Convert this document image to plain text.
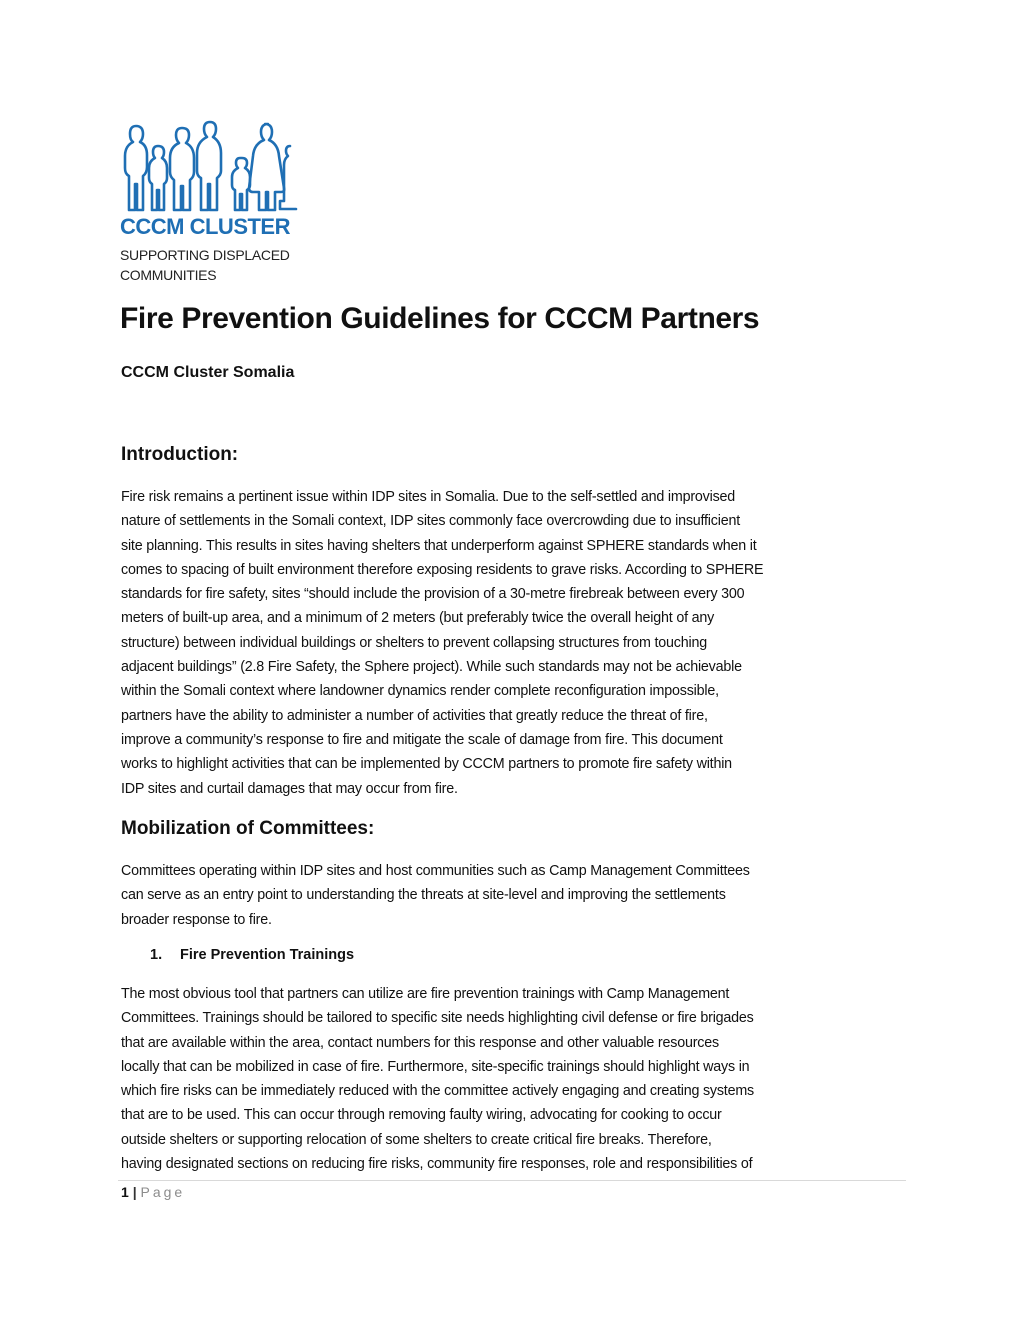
CCCM CLUSTER
SUPPORTING DISPLACED
COMMUNITIES
Fire Prevention Guidelines for CCCM Partners

CCCM Cluster Somalia

Introduction:
Fire risk remains a pertinent issue within IDP sites in Somalia. Due to the self-settled and improvised
nature of settlements in the Somali context, IDP sites commonly face overcrowding due to insufficient
site planning. This results in sites having shelters that underperform against SPHERE standards when it
comes to spacing of built environment therefore exposing residents to grave risks. According to SPHERE
standards for fire safety, sites “should include the provision of a 30-metre firebreak between every 300
meters of built-up area, and a minimum of 2 meters (but preferably twice the overall height of any
structure) between individual buildings or shelters to prevent collapsing structures from touching
adjacent buildings” (2.8 Fire Safety, the Sphere project). While such standards may not be achievable
within the Somali context where landowner dynamics render complete reconfiguration impossible,
partners have the ability to administer a number of activities that greatly reduce the threat of fire,
improve a community’s response to fire and mitigate the scale of damage from fire. This document
works to highlight activities that can be implemented by CCCM partners to promote fire safety within
IDP sites and curtail damages that may occur from fire.
Mobilization of Committees:
Committees operating within IDP sites and host communities such as Camp Management Committees
can serve as an entry point to understanding the threats at site-level and improving the settlements
broader response to fire.

1. Fire Prevention Trainings

The most obvious tool that partners can utilize are fire prevention trainings with Camp Management
Committees. Trainings should be tailored to specific site needs highlighting civil defense or fire brigades
that are available within the area, contact numbers for this response and other valuable resources
locally that can be mobilized in case of fire. Furthermore, site-specific trainings should highlight ways in
which fire risks can be immediately reduced with the committee actively engaging and creating systems
that are to be used. This can occur through removing faulty wiring, advocating for cooking to occur
outside shelters or supporting relocation of some shelters to create critical fire breaks. Therefore,
having designated sections on reducing fire risks, community fire responses, role and responsibilities of
1 | Page
